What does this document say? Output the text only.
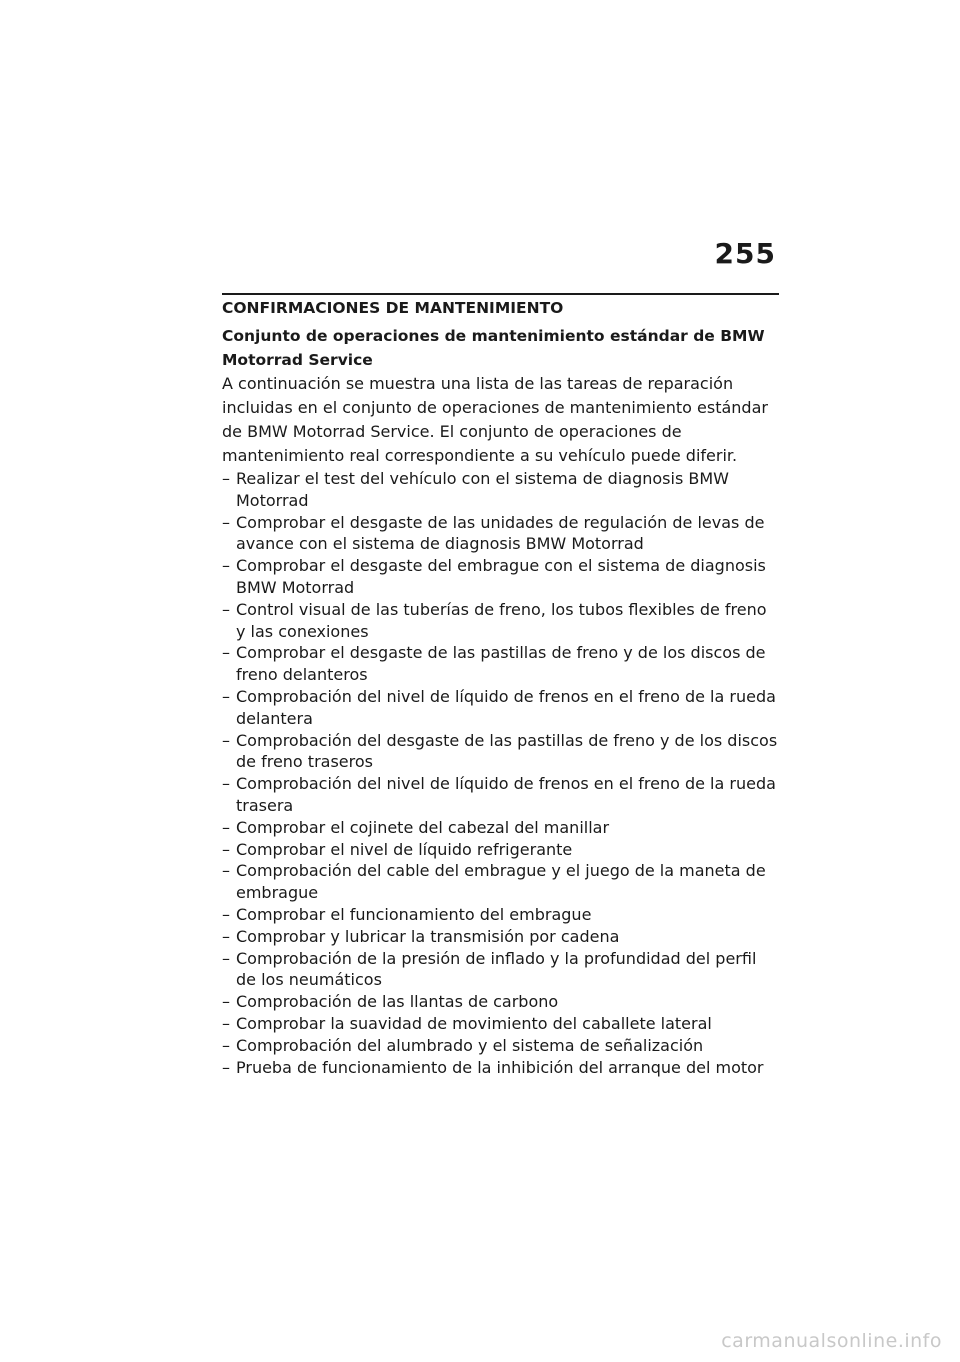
255
CONFIRMACIONES DE MANTENIMIENTO
Conjunto de operaciones de mantenimiento estándar de BMW Motorrad Service

A continuación se muestra una lista de las tareas de reparación incluidas en el conjunto de operaciones de mantenimiento estándar de BMW Motorrad Service. El conjunto de operaciones de mantenimiento real correspondiente a su vehículo puede diferir.

– Realizar el test del vehículo con el sistema de diagnosis BMW Motorrad
– Comprobar el desgaste de las unidades de regulación de levas de avance con el sistema de diagnosis BMW Motorrad
– Comprobar el desgaste del embrague con el sistema de diagnosis BMW Motorrad
– Control visual de las tuberías de freno, los tubos flexibles de freno y las conexiones
– Comprobar el desgaste de las pastillas de freno y de los discos de freno delanteros
– Comprobación del nivel de líquido de frenos en el freno de la rueda delantera
– Comprobación del desgaste de las pastillas de freno y de los discos de freno traseros
– Comprobación del nivel de líquido de frenos en el freno de la rueda trasera
– Comprobar el cojinete del cabezal del manillar
– Comprobar el nivel de líquido refrigerante
– Comprobación del cable del embrague y el juego de la maneta de embrague
– Comprobar el funcionamiento del embrague
– Comprobar y lubricar la transmisión por cadena
– Comprobación de la presión de inflado y la profundidad del perfil de los neumáticos
– Comprobación de las llantas de carbono
– Comprobar la suavidad de movimiento del caballete lateral
– Comprobación del alumbrado y el sistema de señalización
– Prueba de funcionamiento de la inhibición del arranque del motor
carmanualsonline.info
